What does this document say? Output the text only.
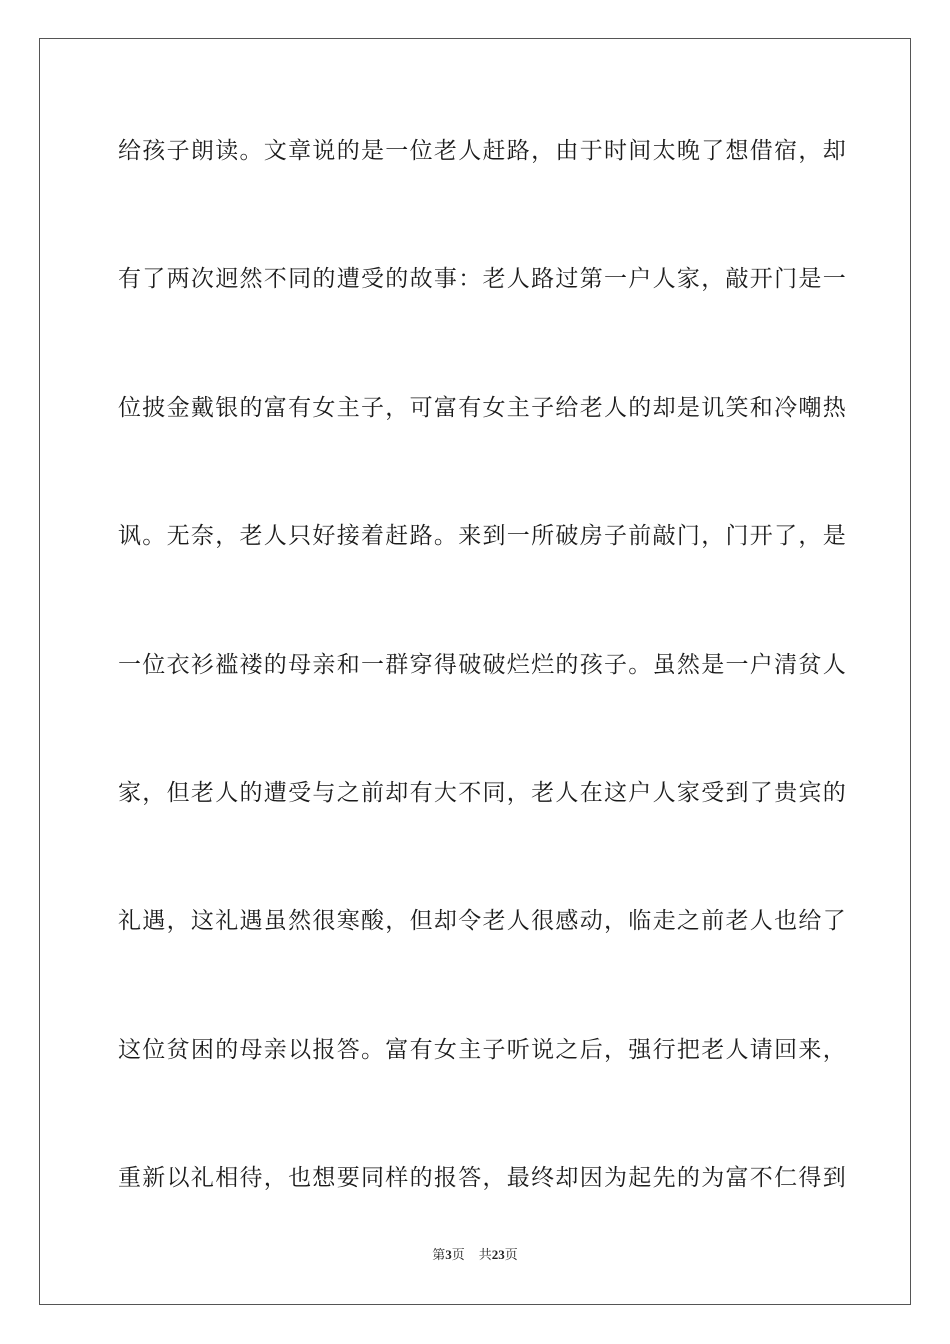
给孩子朗读。文章说的是一位老人赶路，由于时间太晚了想借宿，却
有了两次迥然不同的遭受的故事：老人路过第一户人家，敲开门是一
位披金戴银的富有女主子，可富有女主子给老人的却是讥笑和冷嘲热
讽。无奈，老人只好接着赶路。来到一所破房子前敲门，门开了，是
一位衣衫褴褛的母亲和一群穿得破破烂烂的孩子。虽然是一户清贫人
家，但老人的遭受与之前却有大不同，老人在这户人家受到了贵宾的
礼遇，这礼遇虽然很寒酸，但却令老人很感动，临走之前老人也给了
这位贫困的母亲以报答。富有女主子听说之后，强行把老人请回来，
重新以礼相待，也想要同样的报答，最终却因为起先的为富不仁得到
第3页 共23页
